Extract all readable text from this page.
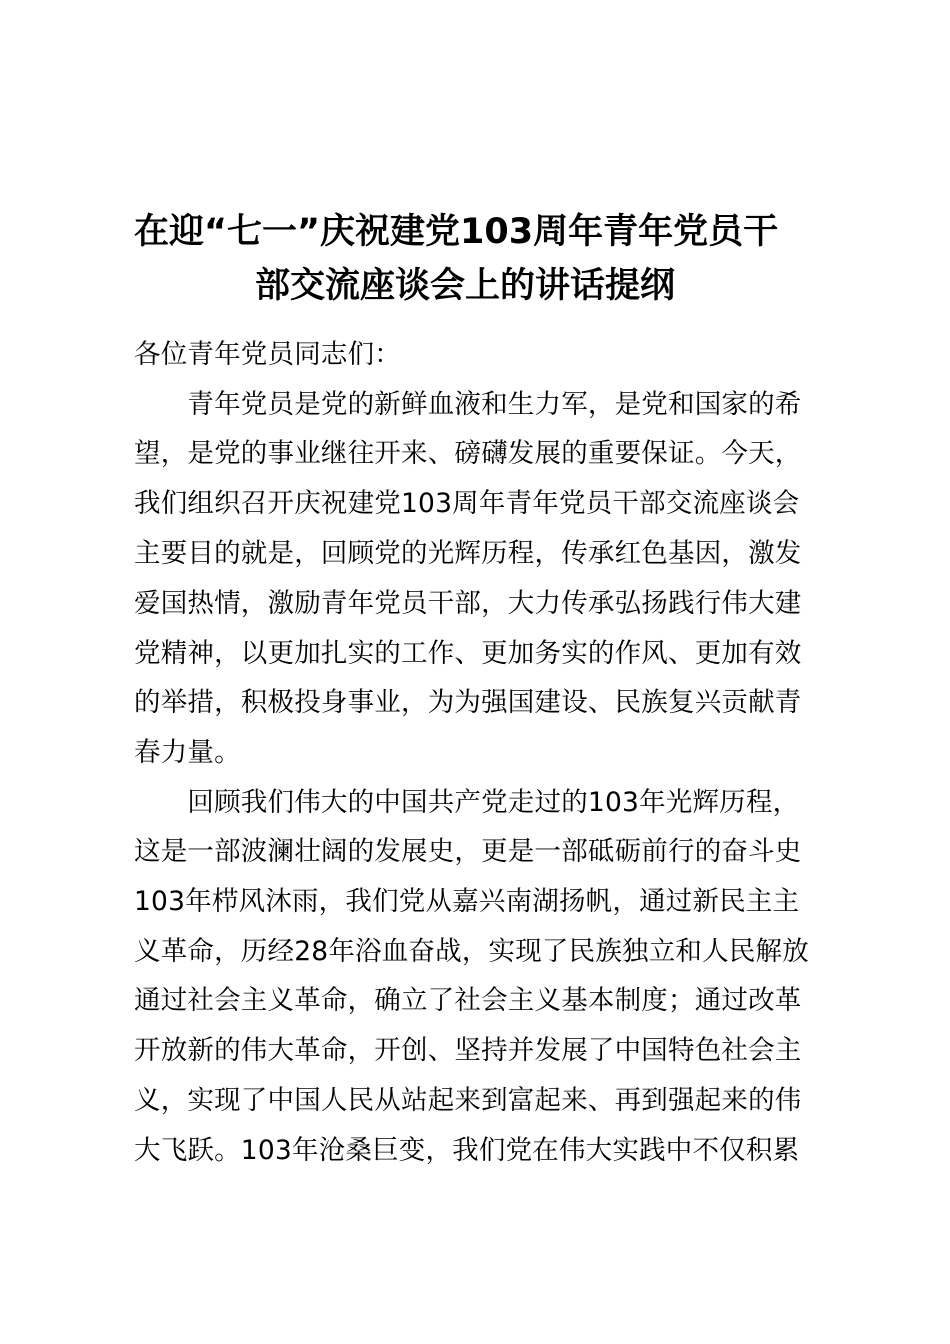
在迎“七一”庆祝建党103周年青年党员干
部交流座谈会上的讲话提纲
各位青年党员同志们：
　　青年党员是党的新鲜血液和生力军，是党和国家的希
望，是党的事业继往开来、磅礴发展的重要保证。今天，
我们组织召开庆祝建党103周年青年党员干部交流座谈会
主要目的就是，回顾党的光辉历程，传承红色基因，激发
爱国热情，激励青年党员干部，大力传承弘扬践行伟大建
党精神，以更加扎实的工作、更加务实的作风、更加有效
的举措，积极投身事业，为为强国建设、民族复兴贡献青
春力量。
　　回顾我们伟大的中国共产党走过的103年光辉历程，
这是一部波澜壮阔的发展史，更是一部砥砺前行的奋斗史
103年栉风沐雨，我们党从嘉兴南湖扬帆，通过新民主主
义革命，历经28年浴血奋战，实现了民族独立和人民解放
通过社会主义革命，确立了社会主义基本制度；通过改革
开放新的伟大革命，开创、坚持并发展了中国特色社会主
义，实现了中国人民从站起来到富起来、再到强起来的伟
大飞跃。103年沧桑巨变，我们党在伟大实践中不仅积累
